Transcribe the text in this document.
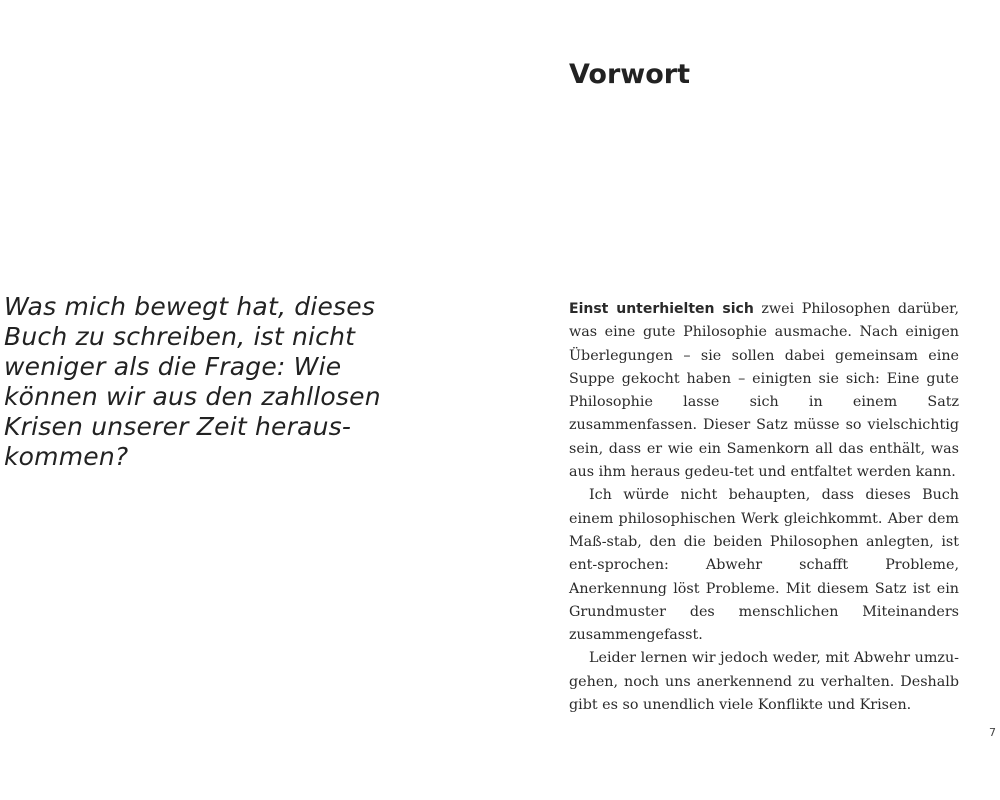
Was mich bewegt hat, dieses Buch zu schreiben, ist nicht weniger als die Frage: Wie können wir aus den zahllosen Krisen unserer Zeit heraus-kommen?

Vorwort

Einst unterhielten sich zwei Philosophen darüber, was eine gute Philosophie ausmache. Nach einigen Überlegungen – sie sollen dabei gemeinsam eine Suppe gekocht haben – einigten sie sich: Eine gute Philosophie lasse sich in einem Satz zusammenfassen. Dieser Satz müsse so vielschichtig sein, dass er wie ein Samenkorn all das enthält, was aus ihm heraus gedeu-tet und entfaltet werden kann.

Ich würde nicht behaupten, dass dieses Buch einem philosophischen Werk gleichkommt. Aber dem Maß-stab, den die beiden Philosophen anlegten, ist ent-sprochen: Abwehr schafft Probleme, Anerkennung löst Probleme. Mit diesem Satz ist ein Grundmuster des menschlichen Miteinanders zusammengefasst.

Leider lernen wir jedoch weder, mit Abwehr umzu-gehen, noch uns anerkennend zu verhalten. Deshalb gibt es so unendlich viele Konflikte und Krisen.

7
